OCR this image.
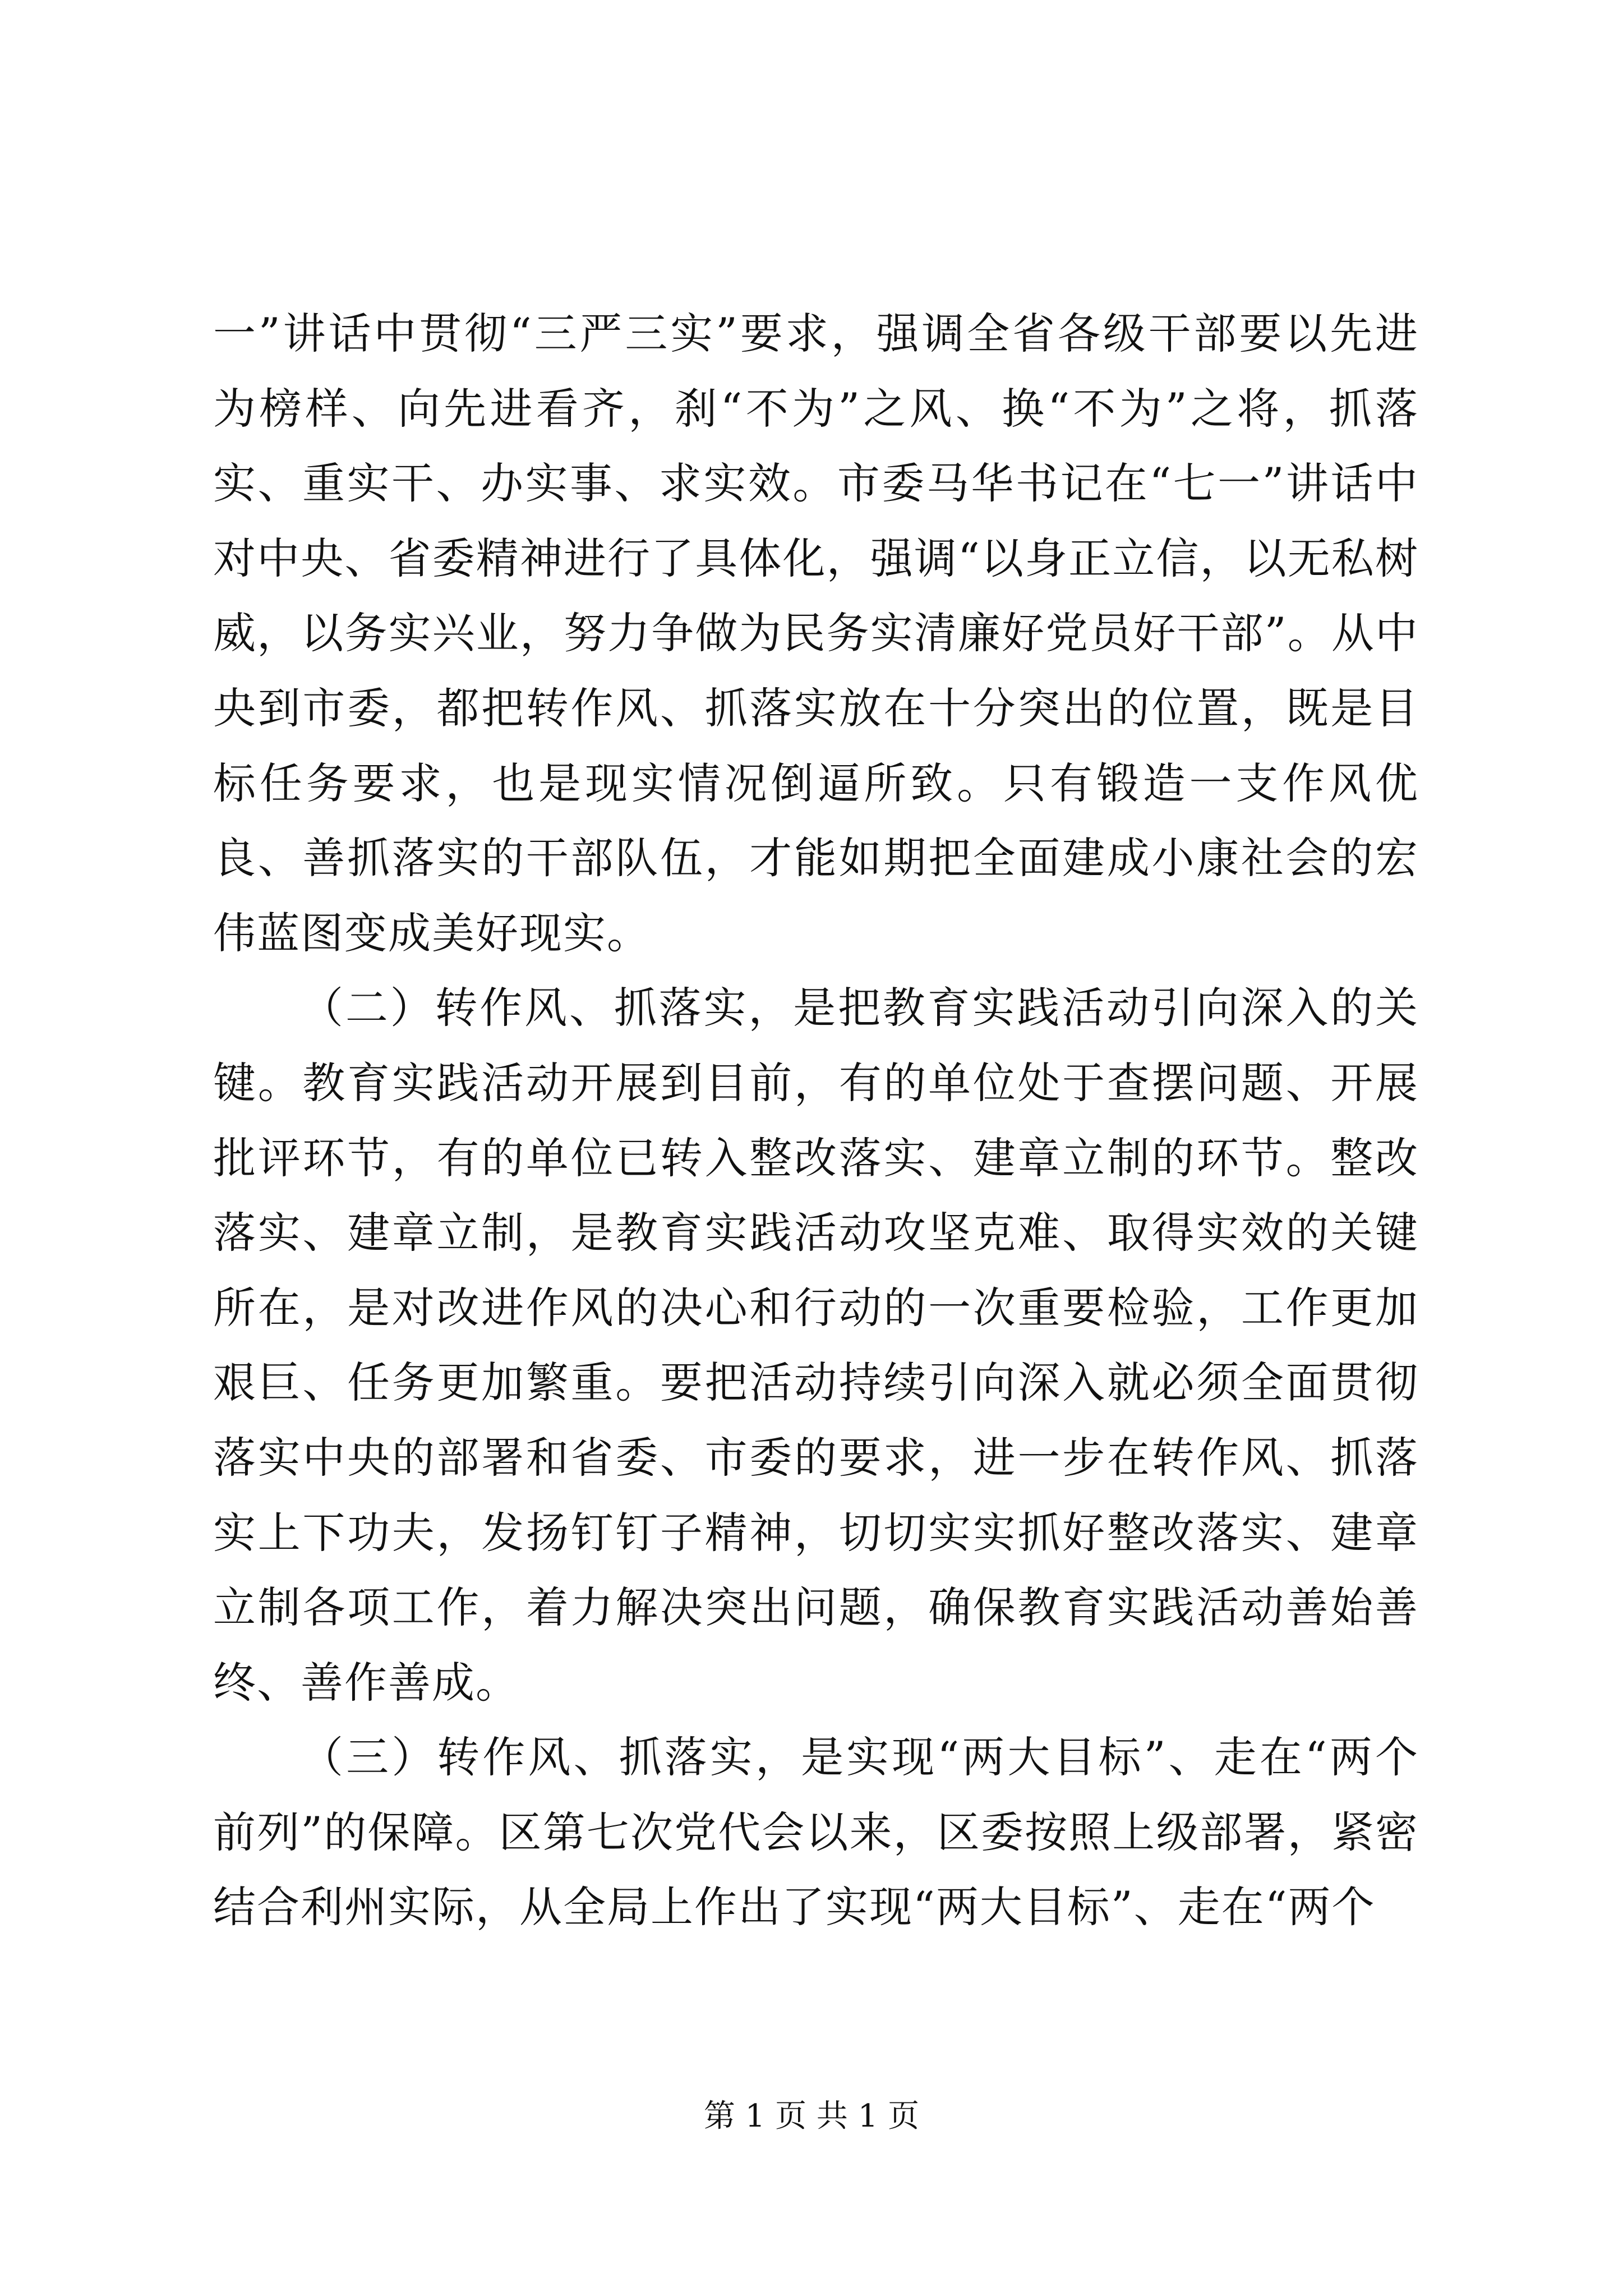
一”讲话中贯彻“三严三实”要求，强调全省各级干部要以先进为榜样、向先进看齐，刹“不为”之风、换“不为”之将，抓落实、重实干、办实事、求实效。市委马华书记在“七一”讲话中对中央、省委精神进行了具体化，强调“以身正立信，以无私树威，以务实兴业，努力争做为民务实清廉好党员好干部”。从中央到市委，都把转作风、抓落实放在十分突出的位置，既是目标任务要求，也是现实情况倒逼所致。只有锻造一支作风优良、善抓落实的干部队伍，才能如期把全面建成小康社会的宏伟蓝图变成美好现实。

（二）转作风、抓落实，是把教育实践活动引向深入的关键。教育实践活动开展到目前，有的单位处于查摆问题、开展批评环节，有的单位已转入整改落实、建章立制的环节。整改落实、建章立制，是教育实践活动攻坚克难、取得实效的关键所在，是对改进作风的决心和行动的一次重要检验，工作更加艰巨、任务更加繁重。要把活动持续引向深入就必须全面贯彻落实中央的部署和省委、市委的要求，进一步在转作风、抓落实上下功夫，发扬钉钉子精神，切切实实抓好整改落实、建章立制各项工作，着力解决突出问题，确保教育实践活动善始善终、善作善成。

（三）转作风、抓落实，是实现“两大目标”、走在“两个前列”的保障。区第七次党代会以来，区委按照上级部署，紧密结合利州实际，从全局上作出了实现“两大目标”、走在“两个

第 1 页 共 1 页
